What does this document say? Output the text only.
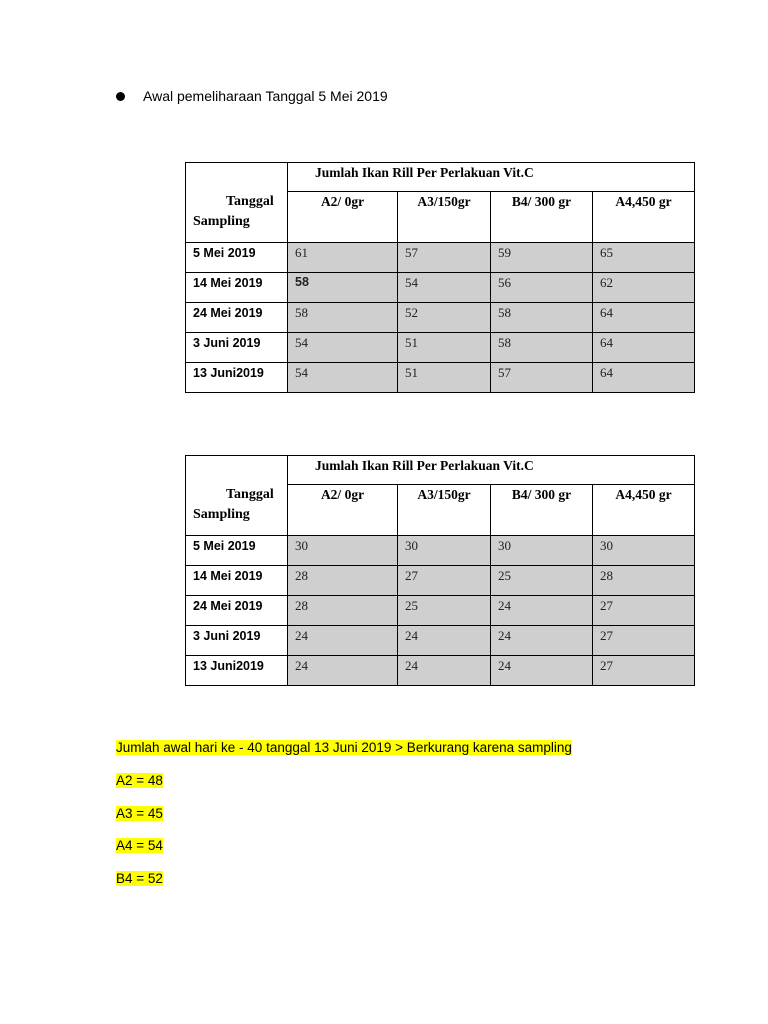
Awal pemeliharaan Tanggal 5 Mei 2019
Tanggal
Sampling	Jumlah Ikan Rill Per Perlakuan Vit.C			
	A2/ 0gr	A3/150gr	B4/ 300 gr	A4,450 gr
5 Mei 2019	61	57	59	65
14 Mei 2019	58	54	56	62
24 Mei 2019	58	52	58	64
3 Juni 2019	54	51	58	64
13 Juni2019	54	51	57	64
Tanggal
Sampling	Jumlah Ikan Rill Per Perlakuan Vit.C			
	A2/ 0gr	A3/150gr	B4/ 300 gr	A4,450 gr
5 Mei 2019	30	30	30	30
14 Mei 2019	28	27	25	28
24 Mei 2019	28	25	24	27
3 Juni 2019	24	24	24	27
13 Juni2019	24	24	24	27
Jumlah awal hari ke - 40 tanggal 13 Juni 2019 > Berkurang karena sampling
A2 = 48
A3 = 45
A4 = 54
B4 = 52
